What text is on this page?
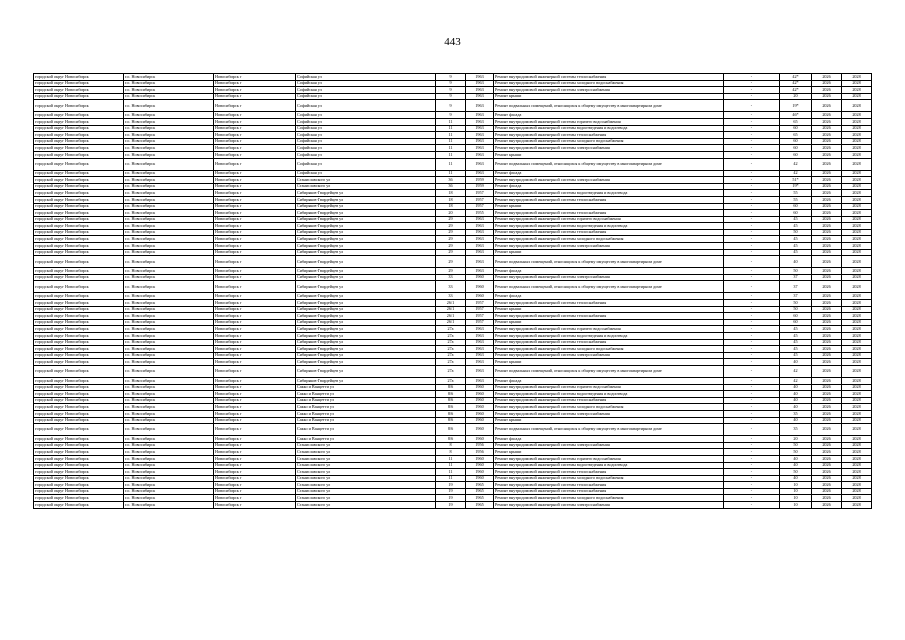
443
городской округ Новосибирск	г.о. Новосибирск	Новосибирск г	Софийская ул	9	1963	Ремонт внутридомовой инженерной системы теплоснабжения	-	42*	2026	2028
городской округ Новосибирск	г.о. Новосибирск	Новосибирск г	Софийская ул	9	1963	Ремонт внутридомовой инженерной системы холодного водоснабжения	-	42*	2026	2028
городской округ Новосибирск	г.о. Новосибирск	Новосибирск г	Софийская ул	9	1963	Ремонт внутридомовой инженерной системы электроснабжения	-	42*	2026	2028
городской округ Новосибирск	г.о. Новосибирск	Новосибирск г	Софийская ул	9	1963	Ремонт крыши	-	20	2026	2028
городской округ Новосибирск	г.о. Новосибирск	Новосибирск г	Софийская ул	9	1963	Ремонт подвальных помещений, относящихся к общему имуществу в многоквартирном доме	-	19*	2026	2028
городской округ Новосибирск	г.о. Новосибирск	Новосибирск г	Софийская ул	9	1963	Ремонт фасада	-	46*	2026	2028
городской округ Новосибирск	г.о. Новосибирск	Новосибирск г	Софийская ул	11	1963	Ремонт внутридомовой инженерной системы горячего водоснабжения	-	65	2026	2028
городской округ Новосибирск	г.о. Новосибирск	Новосибирск г	Софийская ул	11	1963	Ремонт внутридомовой инженерной системы водоотведения и водоотвода	-	60	2026	2028
городской округ Новосибирск	г.о. Новосибирск	Новосибирск г	Софийская ул	11	1963	Ремонт внутридомовой инженерной системы теплоснабжения	-	65	2026	2028
городской округ Новосибирск	г.о. Новосибирск	Новосибирск г	Софийская ул	11	1963	Ремонт внутридомовой инженерной системы холодного водоснабжения	-	60	2026	2028
городской округ Новосибирск	г.о. Новосибирск	Новосибирск г	Софийская ул	11	1963	Ремонт внутридомовой инженерной системы электроснабжения	-	60	2026	2028
городской округ Новосибирск	г.о. Новосибирск	Новосибирск г	Софийская ул	11	1963	Ремонт крыши	-	60	2026	2028
городской округ Новосибирск	г.о. Новосибирск	Новосибирск г	Софийская ул	11	1963	Ремонт подвальных помещений, относящихся к общему имуществу в многоквартирном доме	-	42	2026	2028
городской округ Новосибирск	г.о. Новосибирск	Новосибирск г	Софийская ул	11	1963	Ремонт фасада	-	42	2026	2028
городской округ Новосибирск	г.о. Новосибирск	Новосибирск г	Станиславского ул	36	1959	Ремонт внутридомовой инженерной системы электроснабжения	-	51*	2026	2028
городской округ Новосибирск	г.о. Новосибирск	Новосибирск г	Станиславского ул	36	1959	Ремонт фасада	-	19*	2026	2028
городской округ Новосибирск	г.о. Новосибирск	Новосибирск г	Сибиряков-Гвардейцев ул	18	1957	Ремонт внутридомовой инженерной системы водоотведения и водоотвода	-	55	2026	2028
городской округ Новосибирск	г.о. Новосибирск	Новосибирск г	Сибиряков-Гвардейцев ул	18	1957	Ремонт внутридомовой инженерной системы теплоснабжения	-	55	2026	2028
городской округ Новосибирск	г.о. Новосибирск	Новосибирск г	Сибиряков-Гвардейцев ул	18	1957	Ремонт крыши	-	60	2026	2028
городской округ Новосибирск	г.о. Новосибирск	Новосибирск г	Сибиряков-Гвардейцев ул	20	1955	Ремонт внутридомовой инженерной системы теплоснабжения	-	60	2026	2028
городской округ Новосибирск	г.о. Новосибирск	Новосибирск г	Сибиряков-Гвардейцев ул	29	1963	Ремонт внутридомовой инженерной системы горячего водоснабжения	-	45	2026	2028
городской округ Новосибирск	г.о. Новосибирск	Новосибирск г	Сибиряков-Гвардейцев ул	29	1963	Ремонт внутридомовой инженерной системы водоотведения и водоотвода	-	45	2026	2028
городской округ Новосибирск	г.о. Новосибирск	Новосибирск г	Сибиряков-Гвардейцев ул	29	1963	Ремонт внутридомовой инженерной системы теплоснабжения	-	50	2026	2028
городской округ Новосибирск	г.о. Новосибирск	Новосибирск г	Сибиряков-Гвардейцев ул	29	1963	Ремонт внутридомовой инженерной системы холодного водоснабжения	-	45	2026	2028
городской округ Новосибирск	г.о. Новосибирск	Новосибирск г	Сибиряков-Гвардейцев ул	29	1963	Ремонт внутридомовой инженерной системы электроснабжения	-	45	2026	2028
городской округ Новосибирск	г.о. Новосибирск	Новосибирск г	Сибиряков-Гвардейцев ул	29	1963	Ремонт крыши	-	45	2026	2028
городской округ Новосибирск	г.о. Новосибирск	Новосибирск г	Сибиряков-Гвардейцев ул	29	1963	Ремонт подвальных помещений, относящихся к общему имуществу в многоквартирном доме	-	40	2026	2028
городской округ Новосибирск	г.о. Новосибирск	Новосибирск г	Сибиряков-Гвардейцев ул	29	1963	Ремонт фасада	-	50	2026	2028
городской округ Новосибирск	г.о. Новосибирск	Новосибирск г	Сибиряков-Гвардейцев ул	33	1960	Ремонт внутридомовой инженерной системы электроснабжения	-	37	2026	2028
городской округ Новосибирск	г.о. Новосибирск	Новосибирск г	Сибиряков-Гвардейцев ул	33	1960	Ремонт подвальных помещений, относящихся к общему имуществу в многоквартирном доме	-	37	2026	2028
городской округ Новосибирск	г.о. Новосибирск	Новосибирск г	Сибиряков-Гвардейцев ул	33	1960	Ремонт фасада	-	37	2026	2028
городской округ Новосибирск	г.о. Новосибирск	Новосибирск г	Сибиряков-Гвардейцев ул	26/1	1957	Ремонт внутридомовой инженерной системы теплоснабжения	-	50	2026	2028
городской округ Новосибирск	г.о. Новосибирск	Новосибирск г	Сибиряков-Гвардейцев ул	26/1	1957	Ремонт крыши	-	50	2026	2028
городской округ Новосибирск	г.о. Новосибирск	Новосибирск г	Сибиряков-Гвардейцев ул	26/1	1957	Ремонт внутридомовой инженерной системы теплоснабжения	-	60	2026	2028
городской округ Новосибирск	г.о. Новосибирск	Новосибирск г	Сибиряков-Гвардейцев ул	26/1	1957	Ремонт крыши	-	60	2026	2028
городской округ Новосибирск	г.о. Новосибирск	Новосибирск г	Сибиряков-Гвардейцев ул	27а	1963	Ремонт внутридомовой инженерной системы горячего водоснабжения	-	45	2026	2028
городской округ Новосибирск	г.о. Новосибирск	Новосибирск г	Сибиряков-Гвардейцев ул	27а	1963	Ремонт внутридомовой инженерной системы водоотведения и водоотвода	-	45	2026	2028
городской округ Новосибирск	г.о. Новосибирск	Новосибирск г	Сибиряков-Гвардейцев ул	27а	1963	Ремонт внутридомовой инженерной системы теплоснабжения	-	45	2026	2028
городской округ Новосибирск	г.о. Новосибирск	Новосибирск г	Сибиряков-Гвардейцев ул	27а	1963	Ремонт внутридомовой инженерной системы холодного водоснабжения	-	45	2026	2028
городской округ Новосибирск	г.о. Новосибирск	Новосибирск г	Сибиряков-Гвардейцев ул	27а	1963	Ремонт внутридомовой инженерной системы электроснабжения	-	45	2026	2028
городской округ Новосибирск	г.о. Новосибирск	Новосибирск г	Сибиряков-Гвардейцев ул	27а	1963	Ремонт крыши	-	40	2026	2028
городской округ Новосибирск	г.о. Новосибирск	Новосибирск г	Сибиряков-Гвардейцев ул	27а	1963	Ремонт подвальных помещений, относящихся к общему имуществу в многоквартирном доме	-	42	2026	2028
городской округ Новосибирск	г.о. Новосибирск	Новосибирск г	Сибиряков-Гвардейцев ул	27а	1963	Ремонт фасада	-	42	2026	2028
городской округ Новосибирск	г.о. Новосибирск	Новосибирск г	Сакко и Ванцетти ул	8/6	1960	Ремонт внутридомовой инженерной системы горячего водоснабжения	-	40	2026	2028
городской округ Новосибирск	г.о. Новосибирск	Новосибирск г	Сакко и Ванцетти ул	8/6	1960	Ремонт внутридомовой инженерной системы водоотведения и водоотвода	-	40	2026	2028
городской округ Новосибирск	г.о. Новосибирск	Новосибирск г	Сакко и Ванцетти ул	8/6	1960	Ремонт внутридомовой инженерной системы теплоснабжения	-	40	2026	2028
городской округ Новосибирск	г.о. Новосибирск	Новосибирск г	Сакко и Ванцетти ул	8/6	1960	Ремонт внутридомовой инженерной системы холодного водоснабжения	-	40	2026	2028
городской округ Новосибирск	г.о. Новосибирск	Новосибирск г	Сакко и Ванцетти ул	8/6	1960	Ремонт внутридомовой инженерной системы электроснабжения	-	35	2026	2028
городской округ Новосибирск	г.о. Новосибирск	Новосибирск г	Сакко и Ванцетти ул	8/6	1960	Ремонт крыши	-	40	2026	2028
городской округ Новосибирск	г.о. Новосибирск	Новосибирск г	Сакко и Ванцетти ул	8/6	1960	Ремонт подвальных помещений, относящихся к общему имуществу в многоквартирном доме	-	35	2026	2028
городской округ Новосибирск	г.о. Новосибирск	Новосибирск г	Сакко и Ванцетти ул	8/6	1960	Ремонт фасада	-	20	2026	2028
городской округ Новосибирск	г.о. Новосибирск	Новосибирск г	Станиславского ул	8	1956	Ремонт внутридомовой инженерной системы электроснабжения	-	50	2026	2028
городской округ Новосибирск	г.о. Новосибирск	Новосибирск г	Станиславского ул	8	1956	Ремонт крыши	-	50	2026	2028
городской округ Новосибирск	г.о. Новосибирск	Новосибирск г	Станиславского ул	11	1960	Ремонт внутридомовой инженерной системы горячего водоснабжения	-	40	2026	2028
городской округ Новосибирск	г.о. Новосибирск	Новосибирск г	Станиславского ул	11	1960	Ремонт внутридомовой инженерной системы водоотведения и водоотвода	-	40	2026	2028
городской округ Новосибирск	г.о. Новосибирск	Новосибирск г	Станиславского ул	11	1960	Ремонт внутридомовой инженерной системы теплоснабжения	-	50	2026	2028
городской округ Новосибирск	г.о. Новосибирск	Новосибирск г	Станиславского ул	11	1960	Ремонт внутридомовой инженерной системы холодного водоснабжения	-	40	2026	2028
городской округ Новосибирск	г.о. Новосибирск	Новосибирск г	Станиславского ул	19	1965	Ремонт внутридомовой инженерной системы теплоснабжения	-	10	2026	2028
городской округ Новосибирск	г.о. Новосибирск	Новосибирск г	Станиславского ул	19	1965	Ремонт внутридомовой инженерной системы теплоснабжения	-	10	2026	2028
городской округ Новосибирск	г.о. Новосибирск	Новосибирск г	Станиславского ул	19	1965	Ремонт внутридомовой инженерной системы холодного водоснабжения	-	10	2026	2028
городской округ Новосибирск	г.о. Новосибирск	Новосибирск г	Станиславского ул	19	1965	Ремонт внутридомовой инженерной системы электроснабжения	-	10	2026	2028
